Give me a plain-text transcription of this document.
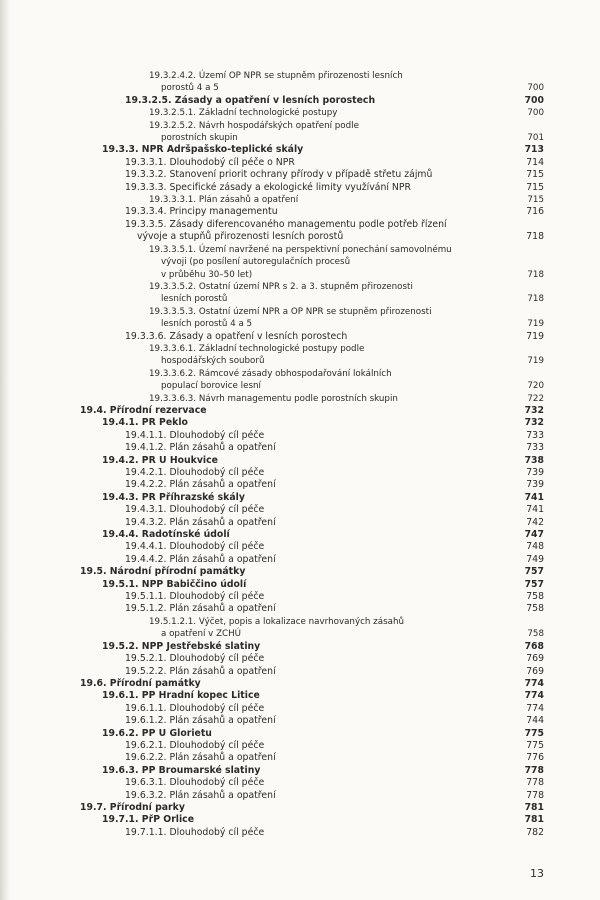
19.3.2.4.2. Území OP NPR se stupněm přirozenosti lesních
porostů 4 a 5	700
19.3.2.5. Zásady a opatření v lesních porostech	700
19.3.2.5.1. Základní technologické postupy	700
19.3.2.5.2. Návrh hospodářských opatření podle
porostních skupin	701
19.3.3. NPR Adršpašsko-teplické skály	713
19.3.3.1. Dlouhodobý cíl péče o NPR	714
19.3.3.2. Stanovení priorit ochrany přírody v případě střetu zájmů	715
19.3.3.3. Specifické zásady a ekologické limity využívání NPR	715
19.3.3.3.1. Plán zásahů a opatření	715
19.3.3.4. Principy managementu	716
19.3.3.5. Zásady diferencovaného managementu podle potřeb řízení
vývoje a stupňů přirozenosti lesních porostů	718
19.3.3.5.1. Území navržené na perspektivní ponechání samovolnému
vývoji (po posílení autoregulačních procesů
v průběhu 30–50 let)	718
19.3.3.5.2. Ostatní území NPR s 2. a 3. stupněm přirozenosti
lesních porostů	718
19.3.3.5.3. Ostatní území NPR a OP NPR se stupněm přirozenosti
lesních porostů 4 a 5	719
19.3.3.6. Zásady a opatření v lesních porostech	719
19.3.3.6.1. Základní technologické postupy podle
hospodářských souborů	719
19.3.3.6.2. Rámcové zásady obhospodařování lokálních
populací borovice lesní	720
19.3.3.6.3. Návrh managementu podle porostních skupin	722
19.4. Přírodní rezervace	732
19.4.1. PR Peklo	732
19.4.1.1. Dlouhodobý cíl péče	733
19.4.1.2. Plán zásahů a opatření	733
19.4.2. PR U Houkvice	738
19.4.2.1. Dlouhodobý cíl péče	739
19.4.2.2. Plán zásahů a opatření	739
19.4.3. PR Příhrazské skály	741
19.4.3.1. Dlouhodobý cíl péče	741
19.4.3.2. Plán zásahů a opatření	742
19.4.4. Radotínské údolí	747
19.4.4.1. Dlouhodobý cíl péče	748
19.4.4.2. Plán zásahů a opatření	749
19.5. Národní přírodní památky	757
19.5.1. NPP Babiččino údolí	757
19.5.1.1. Dlouhodobý cíl péče	758
19.5.1.2. Plán zásahů a opatření	758
19.5.1.2.1. Výčet, popis a lokalizace navrhovaných zásahů
a opatření v ZCHÚ	758
19.5.2. NPP Jestřebské slatiny	768
19.5.2.1. Dlouhodobý cíl péče	769
19.5.2.2. Plán zásahů a opatření	769
19.6. Přírodní památky	774
19.6.1. PP Hradní kopec Litice	774
19.6.1.1. Dlouhodobý cíl péče	774
19.6.1.2. Plán zásahů a opatření	744
19.6.2. PP U Glorietu	775
19.6.2.1. Dlouhodobý cíl péče	775
19.6.2.2. Plán zásahů a opatření	776
19.6.3. PP Broumarské slatiny	778
19.6.3.1. Dlouhodobý cíl péče	778
19.6.3.2. Plán zásahů a opatření	778
19.7. Přírodní parky	781
19.7.1. PřP Orlice	781
19.7.1.1. Dlouhodobý cíl péče	782
13
